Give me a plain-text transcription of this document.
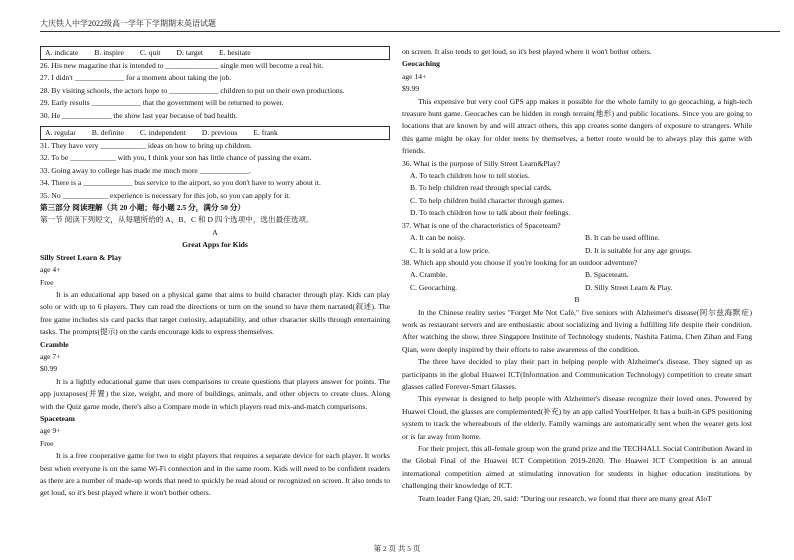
大庆铁人中学2022级高一学年下学期期末英语试题
A. indicate B. inspire C. quit D. target E. hesitate
26. His new magazine that is intended to ______________ single men will become a real hit.
27. I didn't _____________ for a moment about taking the job.
28. By visiting schools, the actors hope to _____________ children to put on their own productions.
29. Early results _____________ that the government will be returned to power.
30. He _____________ the show last year because of bad health.
A. regular B. definite C. independent D. previous E. frank
31. They have very ____________ ideas on how to bring up children.
32. To be ____________ with you, I think your son has little chance of passing the exam.
33. Going away to college has made me much more _____________.
34. There is a _____________ bus service to the airport, so you don't have to worry about it.
35. No ____________ experience is necessary for this job, so you can apply for it.
第三部分 阅读理解（共 20 小题；每小题 2.5 分，满分 50 分）
第一节 阅读下列短文，从每题所给的 A、B、C 和 D 四个选项中，选出最佳选项。
A
Great Apps for Kids
Silly Street Learn & Play
age 4+
Free
It is an educational app based on a physical game that aims to build character through play. Kids can play solo or with up to 6 players. They can read the directions or turn on the sound to have them narrated(叙述). The free game includes six card packs that target curiosity, adaptability, and other character skills through entertaining tasks. The prompts(提示) on the cards encourage kids to express themselves.
Cramble
age 7+
$0.99
It is a lightly educational game that uses comparisons to create questions that players answer for points. The app juxtaposes(并置) the size, weight, and more of buildings, animals, and other objects to create clues. Along with the Quiz game mode, there's also a Compare mode in which players read mix-and-match comparisons.
Spaceteam
age 9+
Free
It is a free cooperative game for two to eight players that requires a separate device for each player. It works best when everyone is on the same Wi-Fi connection and in the same room. Kids will need to be confident readers as there are a number of made-up words that need to quickly be read aloud or recognized on screen. It also tends to get loud, so it's best played where it won't bother others.
on screen. It also tends to get loud, so it's best played where it won't bother others.
Geocaching
age 14+
$9.99
This expensive but very cool GPS app makes it possible for the whole family to go geocaching, a high-tech treasure hunt game. Geocaches can be hidden in rough terrain(地形) and public locations. Since you are going to locations that are known by and will attract others, this app creates some dangers of exposure to strangers. While this game might be okay for older teens by themselves, a better route would be to always play this game with friends.
36. What is the purpose of Silly Street Learn&Play?
A. To teach children how to tell stories.
B. To help children read through special cards.
C. To help children build character through games.
D. To teach children how to talk about their feelings.
37. What is one of the characteristics of Spaceteam?
A. It can be noisy.	B. It can be used offline.
C. It is sold at a low price.	D. It is suitable for any age groups.
38. Which app should you choose if you're looking for an outdoor adventure?
A. Cramble.	B. Spaceteam.
C. Geocaching.	D. Silly Street Learn & Play.
B
In the Chinese reality series "Forget Me Not Café," five seniors with Alzheimer's disease(阿尔兹海默症) work as restaurant servers and are enthusiastic about socializing and living a fulfilling life despite their condition. After watching the show, three Singapore Institute of Technology students, Nashita Fatima, Chen Zihan and Fang Qian, were deeply inspired by their efforts to raise awareness of the condition.
The three have decided to play their part in helping people with Alzheimer's disease. They signed up as participants in the global Huawei ICT(Information and Communication Technology) competition to create smart glasses called Forever-Smart Glasses.
This eyewear is designed to help people with Alzheimer's disease recognize their loved ones. Powered by Huawei Cloud, the glasses are complemented(补充) by an app called YourHelper. It has a built-in GPS positioning system to track the whereabouts of the elderly. Family warnings are automatically sent when the wearer gets lost or is far away from home.
For their project, this all-female group won the grand prize and the TECH4ALL Social Contribution Award in the Global Final of the Huawei ICT Competition 2019-2020. The Huawei ICT Competition is an annual international competition aimed at stimulating innovation for students in higher education institutions by challenging their knowledge of ICT.
Team leader Fang Qian, 20, said: "During our research, we found that there are many great AIoT
第 2 页 共 5 页
